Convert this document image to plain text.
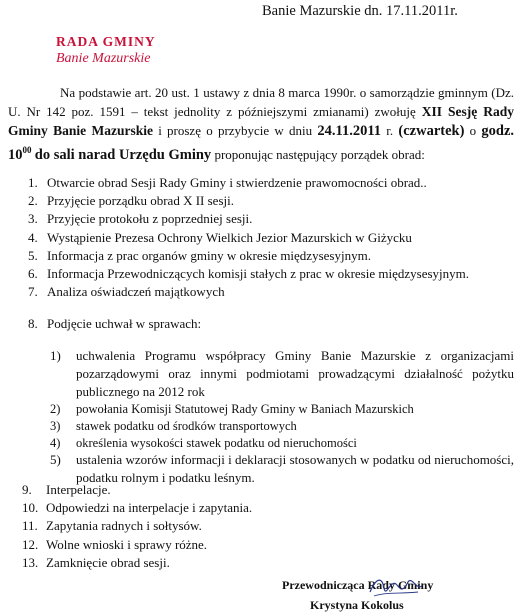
Banie Mazurskie dn. 17.11.2011r.
RADA GMINY
Banie Mazurskie
Na podstawie art. 20 ust. 1 ustawy z dnia 8 marca 1990r. o samorządzie gminnym (Dz. U. Nr 142 poz. 1591 – tekst jednolity z późniejszymi zmianami) zwołuję XII Sesję Rady Gminy Banie Mazurskie i proszę o przybycie w dniu 24.11.2011 r. (czwartek) o godz. $10^{00}$ do sali narad Urzędu Gminy proponując następujący porządek obrad:
1. Otwarcie obrad Sesji Rady Gminy i stwierdzenie prawomocności obrad..
2. Przyjęcie porządku obrad X II sesji.
3. Przyjęcie protokołu z poprzedniej sesji.
4. Wystąpienie Prezesa Ochrony Wielkich Jezior Mazurskich w Giżycku
5. Informacja z prac organów gminy w okresie międzysesyjnym.
6. Informacja Przewodniczących komisji stałych z prac w okresie międzysesyjnym.
7. Analiza oświadczeń majątkowych
8. Podjęcie uchwał w sprawach:
1) uchwalenia Programu współpracy Gminy Banie Mazurskie z organizacjami pozarządowymi oraz innymi podmiotami prowadzącymi działalność pożytku publicznego na 2012 rok
2) powołania Komisji Statutowej Rady Gminy w Baniach Mazurskich
3) stawek podatku od środków transportowych
4) określenia wysokości stawek podatku od nieruchomości
5) ustalenia wzorów informacji i deklaracji stosowanych w podatku od nieruchomości, podatku rolnym i podatku leśnym.
9. Interpelacje.
10. Odpowiedzi na interpelacje i zapytania.
11. Zapytania radnych i sołtysów.
12. Wolne wnioski i sprawy różne.
13. Zamknięcie obrad sesji.
Przewodnicząca Rady Gminy
Krystyna Kokolus
